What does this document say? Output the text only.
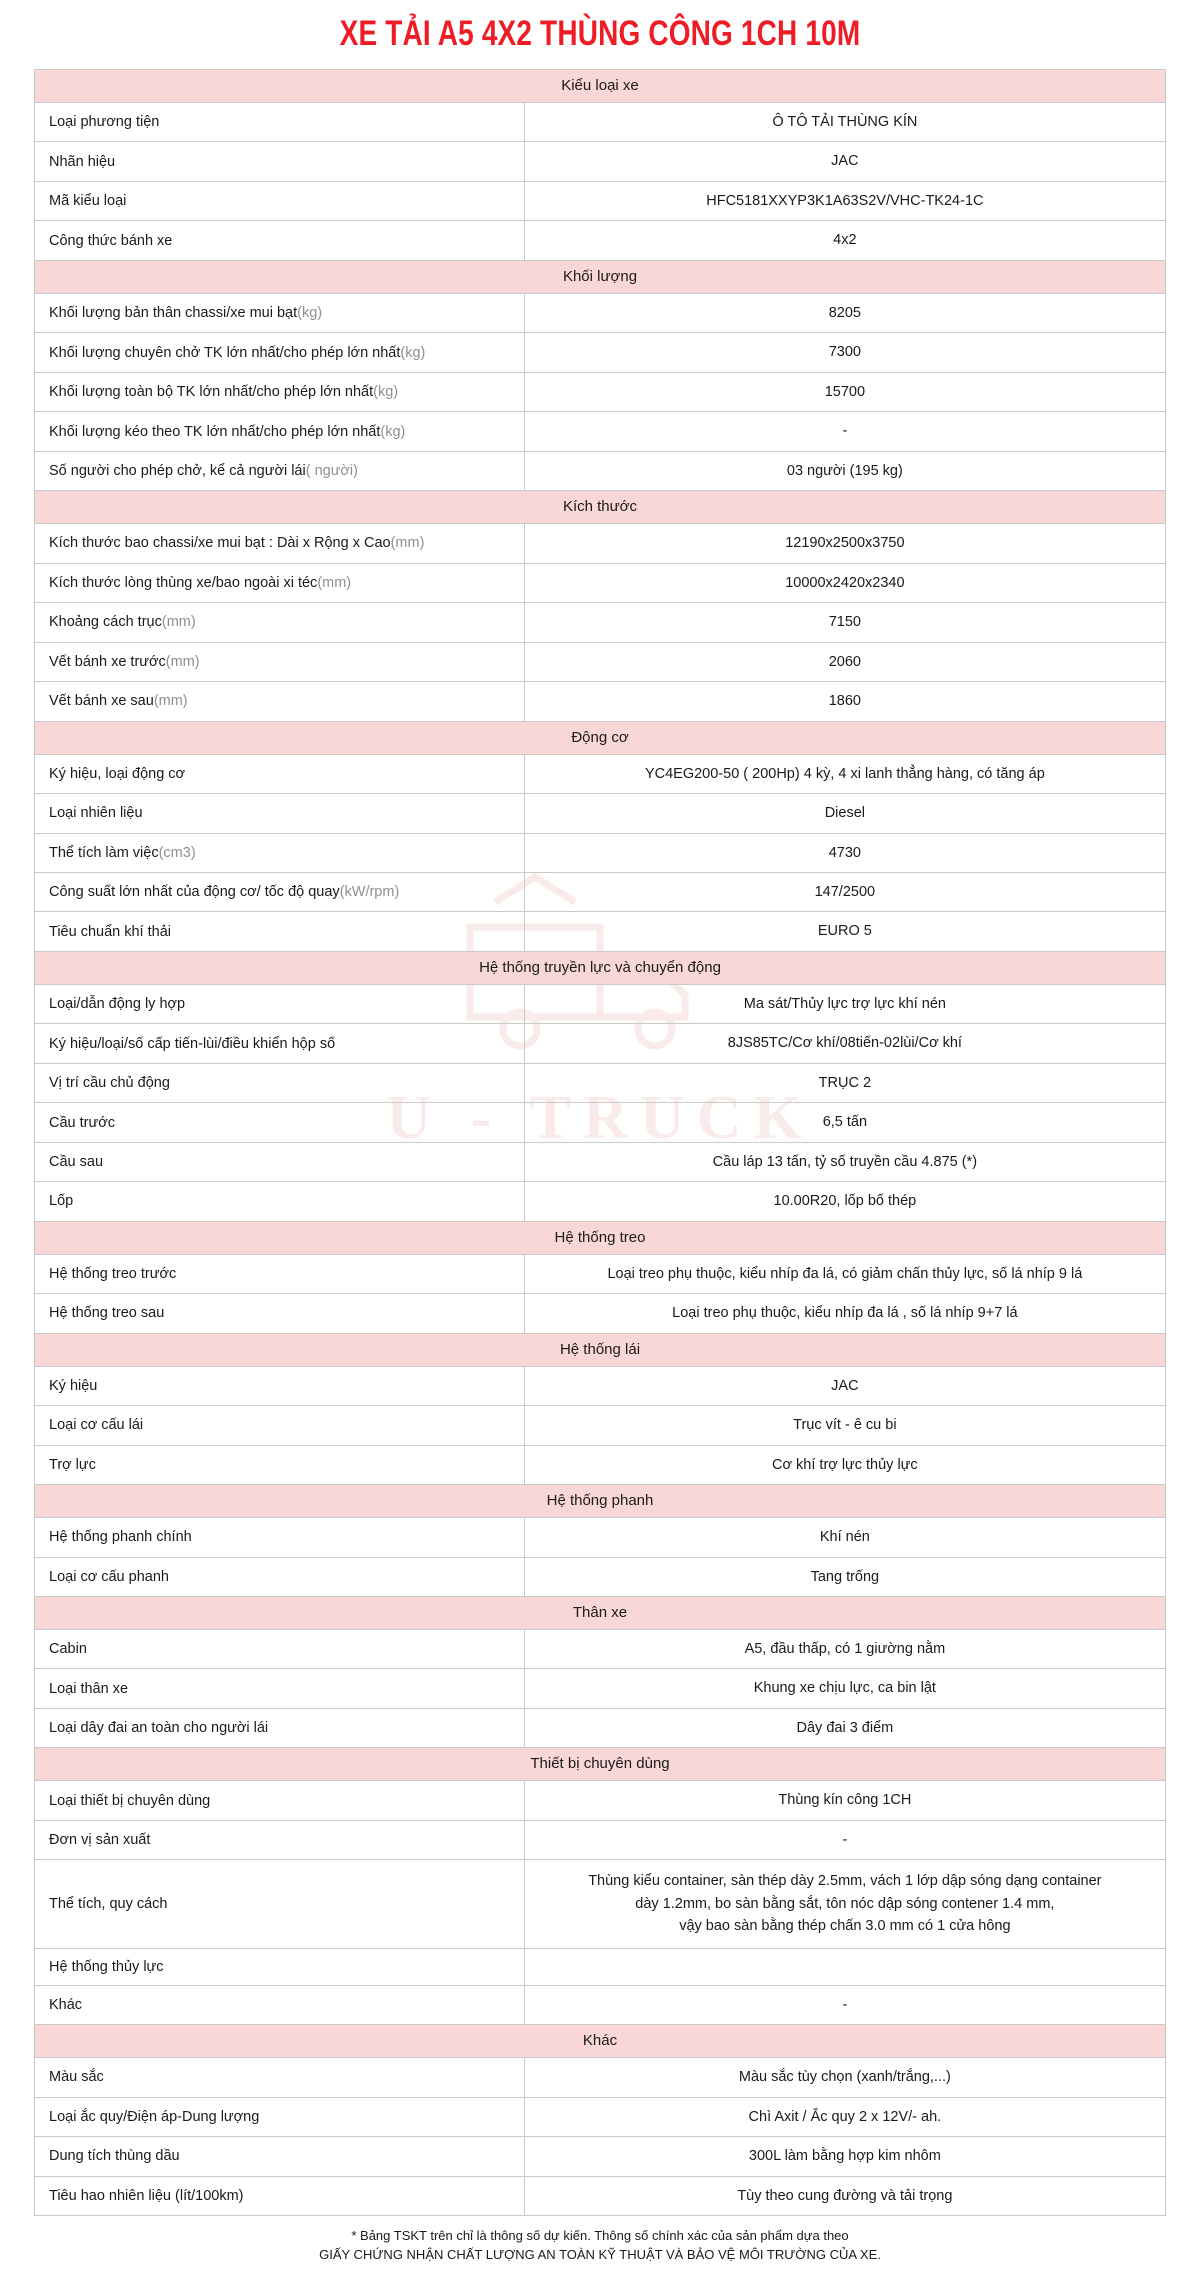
U - TRUCK
XE TẢI A5 4X2 THÙNG CÔNG 1CH 10M
Kiểu loại xe	
Loại phương tiện	Ô TÔ TẢI THÙNG KÍN
Nhãn hiệu	JAC
Mã kiểu loại	HFC5181XXYP3K1A63S2V/VHC-TK24-1C
Công thức bánh xe	4x2
Khối lượng	
Khối lượng bản thân chassi/xe mui bạt(kg)	8205
Khối lượng chuyên chở TK lớn nhất/cho phép lớn nhất(kg)	7300
Khối lượng toàn bộ TK lớn nhất/cho phép lớn nhất(kg)	15700
Khối lượng kéo theo TK lớn nhất/cho phép lớn nhất(kg)	-
Số người cho phép chở, kể cả người lái( người)	03 người (195 kg)
Kích thước	
Kích thước bao chassi/xe mui bạt : Dài x Rộng x Cao(mm)	12190x2500x3750
Kích thước lòng thùng xe/bao ngoài xi téc(mm)	10000x2420x2340
Khoảng cách trục(mm)	7150
Vết bánh xe trước(mm)	2060
Vết bánh xe sau(mm)	1860
Động cơ	
Ký hiệu, loại động cơ	YC4EG200-50 ( 200Hp) 4 kỳ, 4 xi lanh thẳng hàng, có tăng áp
Loại nhiên liệu	Diesel
Thể tích làm việc(cm3)	4730
Công suất lớn nhất của động cơ/ tốc độ quay(kW/rpm)	147/2500
Tiêu chuẩn khí thải	EURO 5
Hệ thống truyền lực và chuyển động	
Loại/dẫn động ly hợp	Ma sát/Thủy lực trợ lực khí nén
Ký hiệu/loại/số cấp tiến-lùi/điều khiển hộp số	8JS85TC/Cơ khí/08tiến-02lùi/Cơ khí
Vị trí cầu chủ động	TRỤC 2
Cầu trước	6,5 tấn
Cầu sau	Cầu láp 13 tấn, tỷ số truyền cầu 4.875 (*)
Lốp	10.00R20, lốp bố thép
Hệ thống treo	
Hệ thống treo trước	Loại treo phụ thuộc, kiểu nhíp đa lá, có giảm chấn thủy lực, số lá nhíp 9 lá
Hệ thống treo sau	Loại treo phụ thuộc, kiểu nhíp đa lá , số lá nhíp 9+7 lá
Hệ thống lái	
Ký hiệu	JAC
Loại cơ cấu lái	Trục vít - ê cu bi
Trợ lực	Cơ khí trợ lực thủy lực
Hệ thống phanh	
Hệ thống phanh chính	Khí nén
Loại cơ cấu phanh	Tang trống
Thân xe	
Cabin	A5, đầu thấp, có 1 giường nằm
Loại thân xe	Khung xe chịu lực, ca bin lật
Loại dây đai an toàn cho người lái	Dây đai 3 điểm
Thiết bị chuyên dùng	
Loại thiết bị chuyên dùng	Thùng kín công 1CH
Đơn vị sản xuất	-
Thể tích, quy cách	Thùng kiểu container, sàn thép dày 2.5mm, vách 1 lớp dập sóng dạng container
dày 1.2mm, bo sàn bằng sắt, tôn nóc dập sóng contener 1.4 mm,
vậy bao sàn bằng thép chấn 3.0 mm có 1 cửa hông

Hệ thống thủy lực	
Khác	-
Khác	
Màu sắc	Màu sắc tùy chọn (xanh/trắng,...)
Loại ắc quy/Điện áp-Dung lượng	Chì Axit / Ắc quy 2 x 12V/- ah.
Dung tích thùng dầu	300L làm bằng hợp kim nhôm
Tiêu hao nhiên liệu (lít/100km)	Tùy theo cung đường và tải trọng
* Bảng TSKT trên chỉ là thông số dự kiến. Thông số chính xác của sản phẩm dựa theo
GIẤY CHỨNG NHẬN CHẤT LƯỢNG AN TOÀN KỸ THUẬT VÀ BẢO VỆ MÔI TRƯỜNG CỦA XE.
